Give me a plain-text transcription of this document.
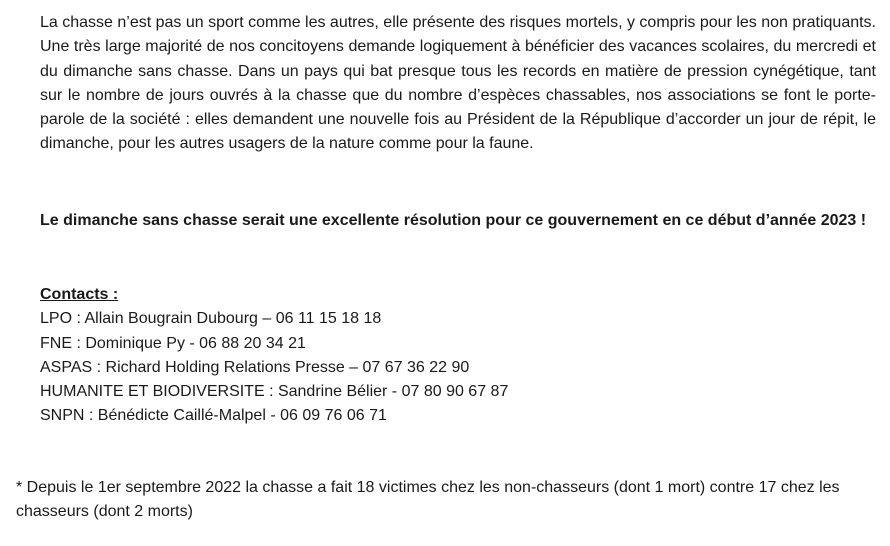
La chasse n’est pas un sport comme les autres, elle présente des risques mortels, y compris pour les non pratiquants. Une très large majorité de nos concitoyens demande logiquement à bénéficier des vacances scolaires, du mercredi et du dimanche sans chasse. Dans un pays qui bat presque tous les records en matière de pression cynégétique, tant sur le nombre de jours ouvrés à la chasse que du nombre d’espèces chassables, nos associations se font le porte-parole de la société : elles demandent une nouvelle fois au Président de la République d’accorder un jour de répit, le dimanche, pour les autres usagers de la nature comme pour la faune.

Le dimanche sans chasse serait une excellente résolution pour ce gouvernement en ce début d’année 2023 !

Contacts :
LPO : Allain Bougrain Dubourg – 06 11 15 18 18
FNE : Dominique Py - 06 88 20 34 21
ASPAS : Richard Holding Relations Presse – 07 67 36 22 90
HUMANITE ET BIODIVERSITE : Sandrine Bélier - 07 80 90 67 87
SNPN : Bénédicte Caillé-Malpel - 06 09 76 06 71

* Depuis le 1er septembre 2022 la chasse a fait 18 victimes chez les non-chasseurs (dont 1 mort) contre 17 chez les chasseurs (dont 2 morts)
